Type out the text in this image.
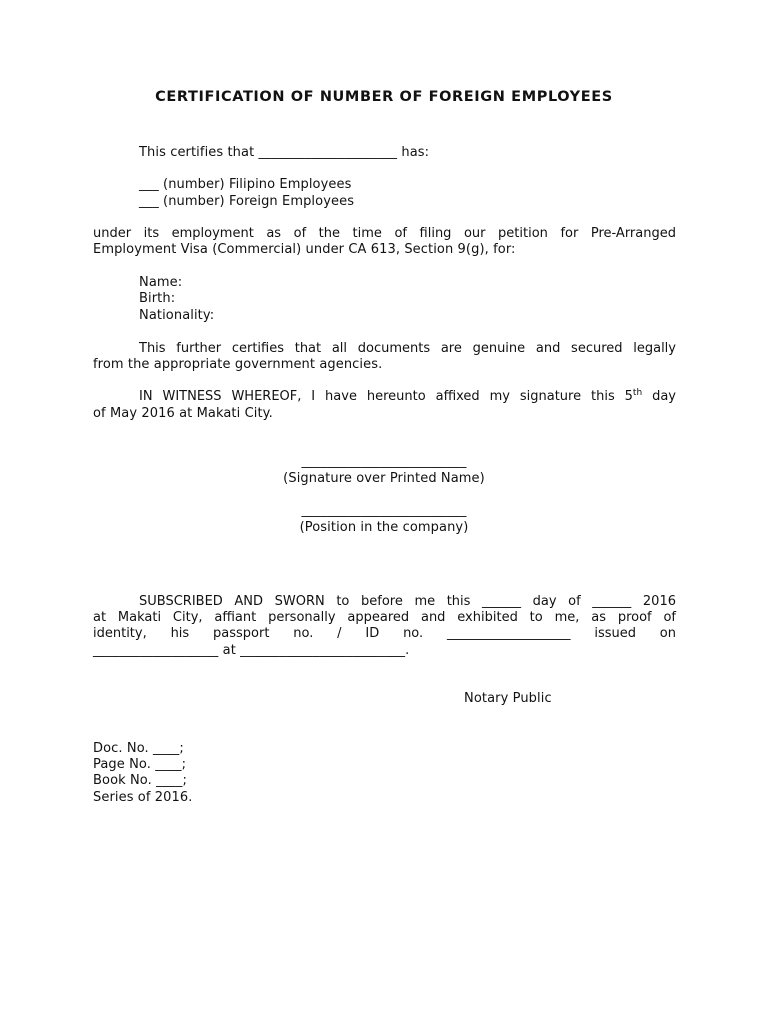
CERTIFICATION OF NUMBER OF FOREIGN EMPLOYEES
This certifies that _____________________ has:
___ (number) Filipino Employees
___ (number) Foreign Employees
under its employment as of the time of filing our petition for Pre-Arranged
Employment Visa (Commercial) under CA 613, Section 9(g), for:
Name:
Birth:
Nationality:
This further certifies that all documents are genuine and secured legally
from the appropriate government agencies.
IN WITNESS WHEREOF, I have hereunto affixed my signature this 5th day
of May 2016 at Makati City.
_________________________
(Signature over Printed Name)
_________________________
(Position in the company)
SUBSCRIBED AND SWORN to before me this ______ day of ______ 2016
at Makati City, affiant personally appeared and exhibited to me, as proof of
identity, his passport no. / ID no. ___________________ issued on
___________________ at _________________________.
Notary Public
Doc. No. ____;
Page No. ____;
Book No. ____;
Series of 2016.
